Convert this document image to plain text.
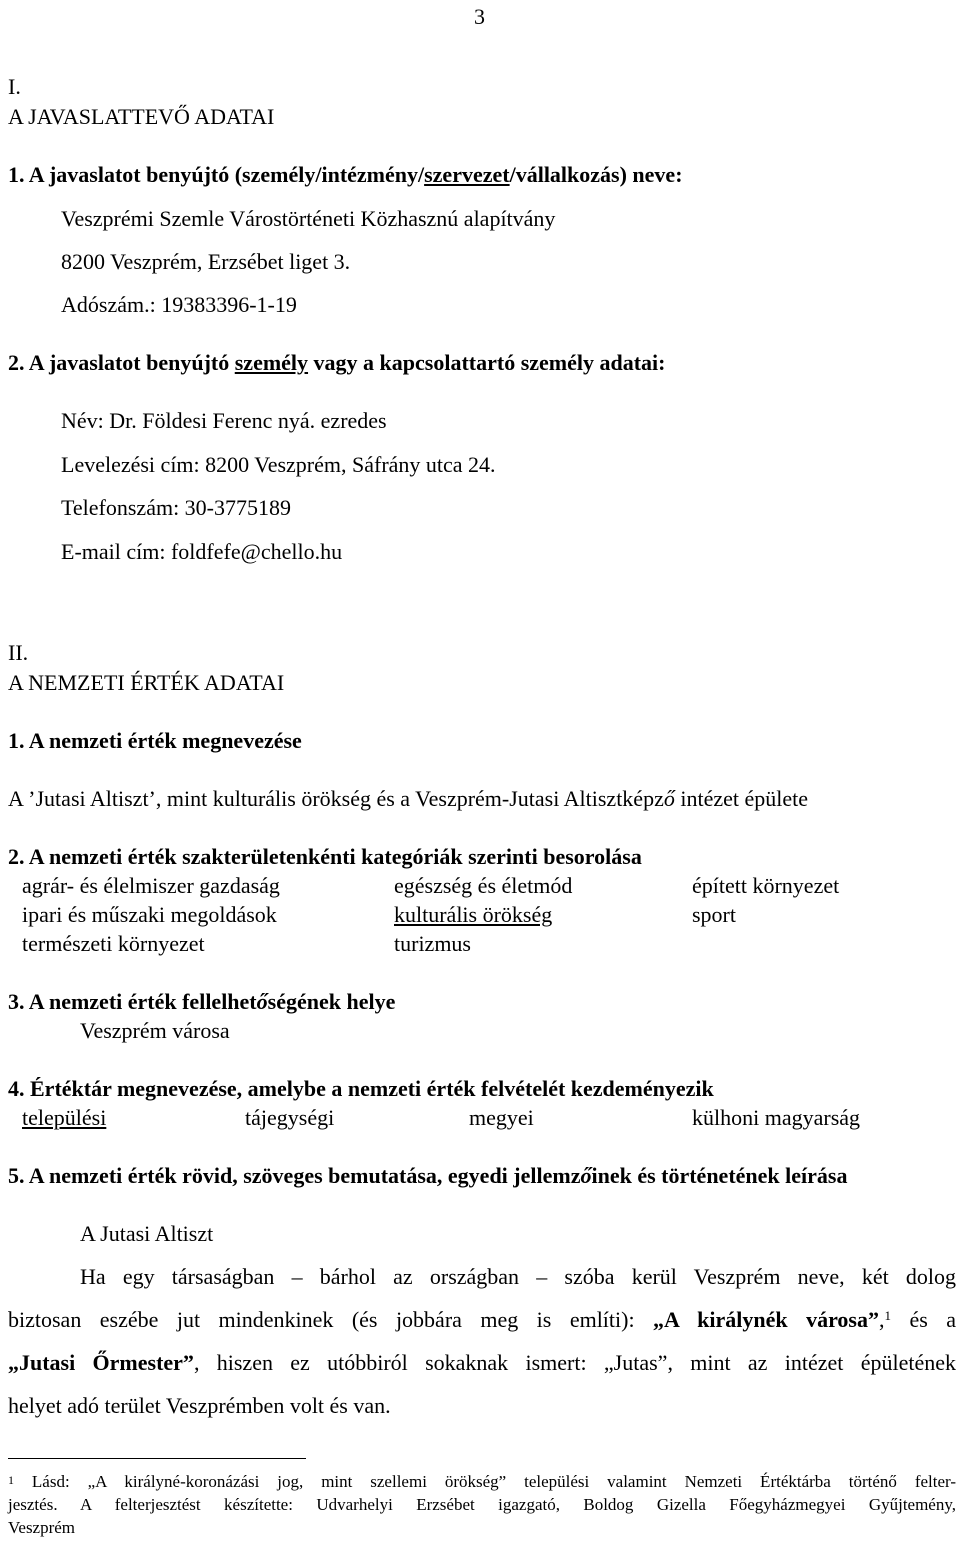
3
I.
A JAVASLATTEVŐ ADATAI
1. A javaslatot benyújtó (személy/intézmény/szervezet/vállalkozás) neve:
Veszprémi Szemle Várostörténeti Közhasznú alapítvány
8200 Veszprém, Erzsébet liget 3.
Adószám.: 19383396-1-19
2. A javaslatot benyújtó személy vagy a kapcsolattartó személy adatai:
Név: Dr. Földesi Ferenc nyá. ezredes
Levelezési cím: 8200 Veszprém, Sáfrány utca 24.
Telefonszám: 30-3775189
E-mail cím: foldfefe@chello.hu
II.
A NEMZETI ÉRTÉK ADATAI
1. A nemzeti érték megnevezése
A ’Jutasi Altiszt’, mint kulturális örökség és a Veszprém-Jutasi Altisztképző intézet épülete
2. A nemzeti érték szakterületenkénti kategóriák szerinti besorolása
agrár- és élelmiszer gazdaság	egészség és életmód	épített környezet
ipari és műszaki megoldások	kulturális örökség	sport
természeti környezet	turizmus
3. A nemzeti érték fellelhetőségének helye
Veszprém városa
4. Értéktár megnevezése, amelybe a nemzeti érték felvételét kezdeményezik
települési	tájegységi	megyei	külhoni magyarság
5. A nemzeti érték rövid, szöveges bemutatása, egyedi jellemzőinek és történetének leírása
A Jutasi Altiszt
Ha egy társaságban – bárhol az országban – szóba kerül Veszprém neve, két dolog
biztosan eszébe jut mindenkinek (és jobbára meg is említi): „A királynék városa”,$^1$ és a
„Jutasi Őrmester”, hiszen ez utóbbiról sokaknak ismert: „Jutas”, mint az intézet épületének
helyet adó terület Veszprémben volt és van.
$^1$ Lásd: „A királyné-koronázási jog, mint szellemi örökség” települési valamint Nemzeti Értéktárba történő felter-
jesztés. A felterjesztést készítette: Udvarhelyi Erzsébet igazgató, Boldog Gizella Főegyházmegyei Gyűjtemény,
Veszprém
